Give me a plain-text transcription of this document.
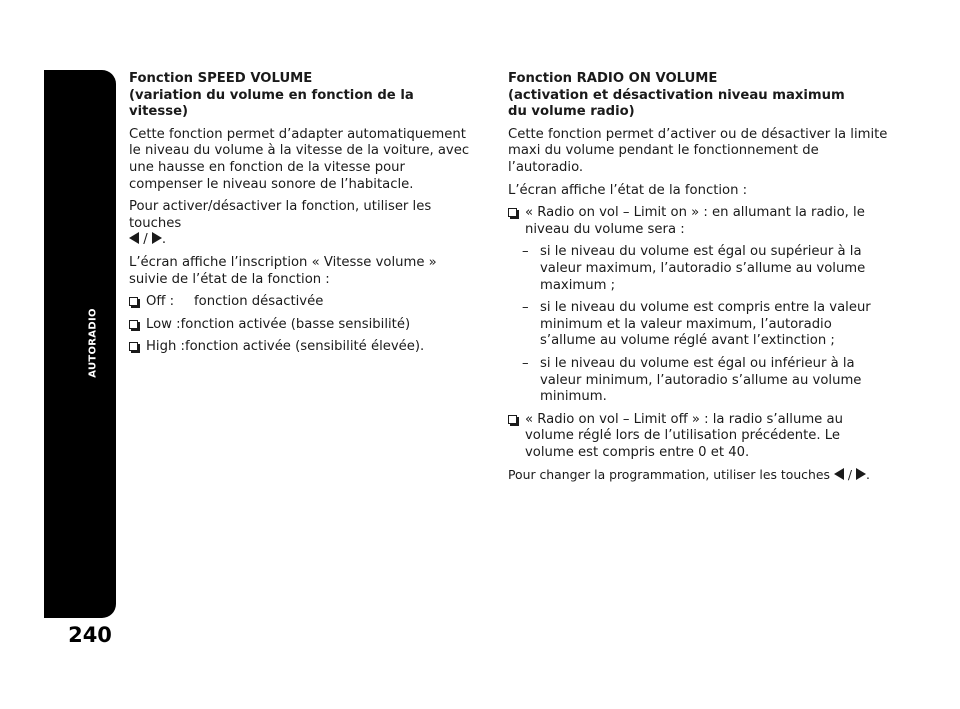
AUTORADIO
240

Fonction SPEED VOLUME
(variation du volume en fonction de la vitesse)

Cette fonction permet d’adapter automatiquement le niveau du volume à la vitesse de la voiture, avec une hausse en fonction de la vitesse pour compenser le niveau sonore de l’habitacle.

Pour activer/désactiver la fonction, utiliser les touches
/ .

L’écran affiche l’inscription « Vitesse volume » suivie de l’état de la fonction :

Off :fonction désactivée
Low :fonction activée (basse sensibilité)
High :fonction activée (sensibilité élevée).

Fonction RADIO ON VOLUME
(activation et désactivation niveau maximum
du volume radio)

Cette fonction permet d’activer ou de désactiver la limite maxi du volume pendant le fonctionnement de l’autoradio.

L’écran affiche l’état de la fonction :

« Radio on vol – Limit on » : en allumant la radio, le niveau du volume sera :
– si le niveau du volume est égal ou supérieur à la valeur maximum, l’autoradio s’allume au volume maximum ;
– si le niveau du volume est compris entre la valeur minimum et la valeur maximum, l’autoradio s’allume au volume réglé avant l’extinction ;
– si le niveau du volume est égal ou inférieur à la valeur minimum, l’autoradio s’allume au volume minimum.
« Radio on vol – Limit off » : la radio s’allume au volume réglé lors de l’utilisation précédente. Le volume est compris entre 0 et 40.

Pour changer la programmation, utiliser les touches  / .
